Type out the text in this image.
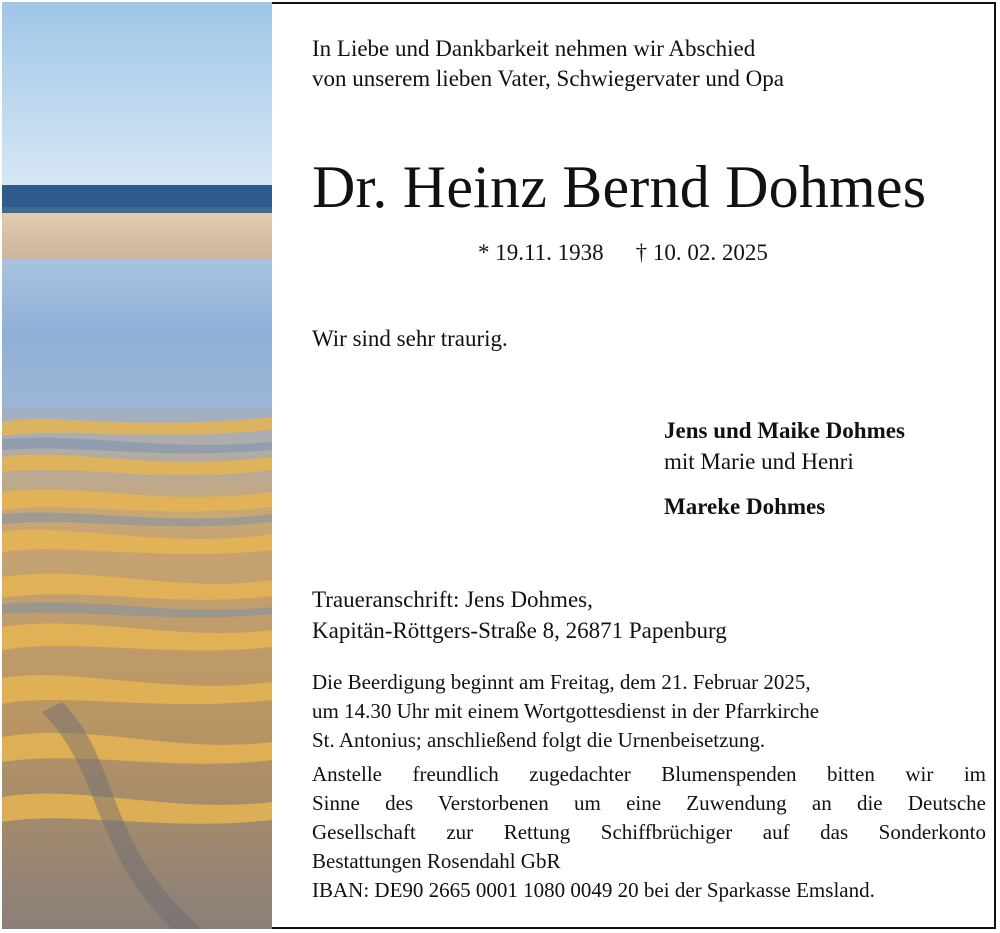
In Liebe und Dankbarkeit nehmen wir Abschied
von unserem lieben Vater, Schwiegervater und Opa
Dr. Heinz Bernd Dohmes
* 19.11. 1938 † 10. 02. 2025
Wir sind sehr traurig.
Jens und Maike Dohmes
mit Marie und Henri
Mareke Dohmes
Traueranschrift: Jens Dohmes,
Kapitän-Röttgers-Straße 8, 26871 Papenburg
Die Beerdigung beginnt am Freitag, dem 21. Februar 2025,
um 14.30 Uhr mit einem Wortgottesdienst in der Pfarrkirche
St. Antonius; anschließend folgt die Urnenbeisetzung.
Anstelle freundlich zugedachter Blumenspenden bitten wir im
Sinne des Verstorbenen um eine Zuwendung an die Deutsche
Gesellschaft zur Rettung Schiffbrüchiger auf das Sonderkonto
Bestattungen Rosendahl GbR
IBAN: DE90 2665 0001 1080 0049 20 bei der Sparkasse Emsland.
